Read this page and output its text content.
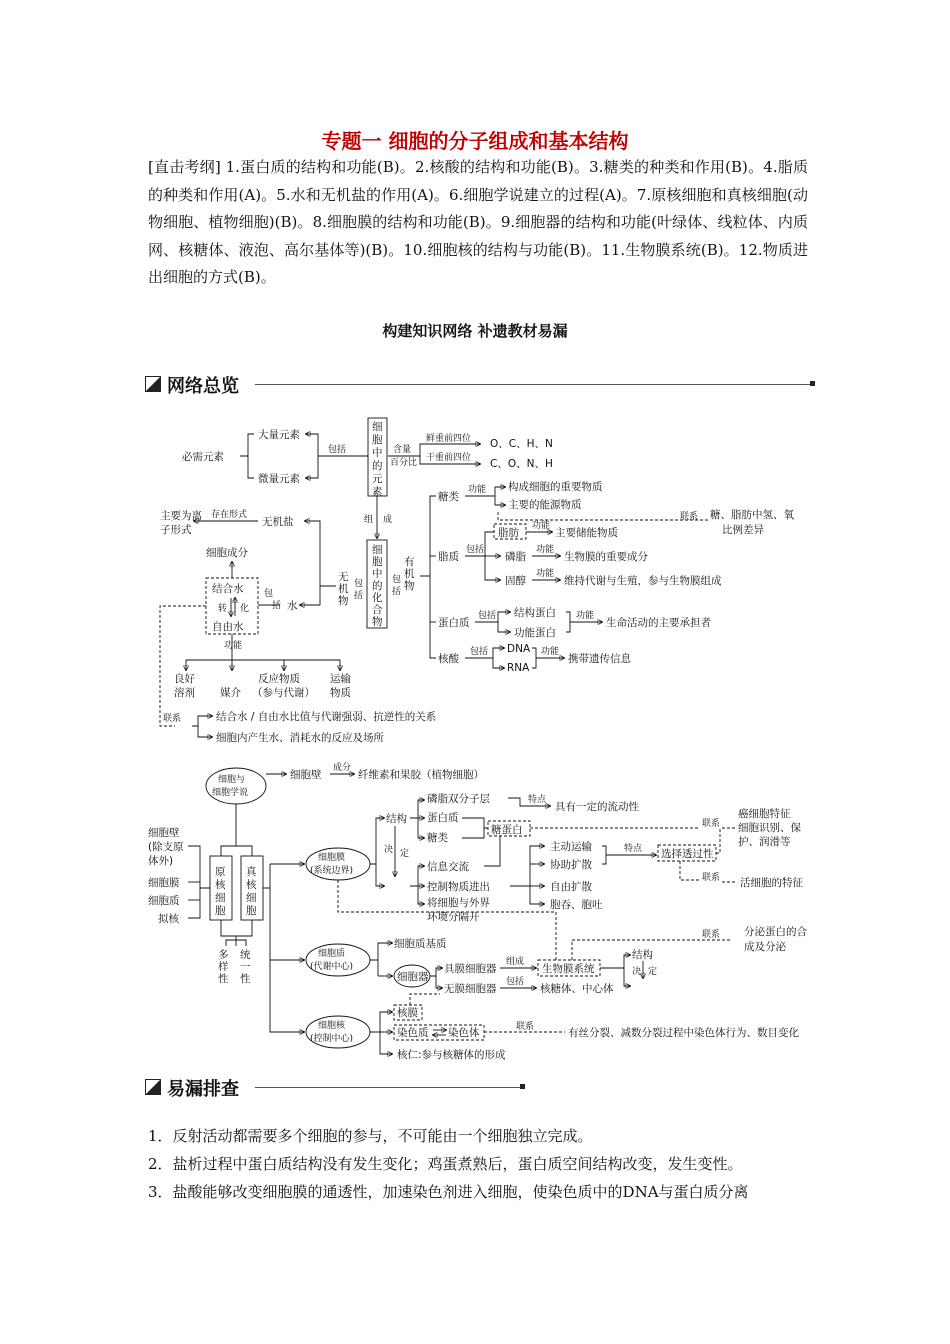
专题一 细胞的分子组成和基本结构
[直击考纲] 1.蛋白质的结构和功能(B)。2.核酸的结构和功能(B)。3.糖类的种类和作用(B)。4.脂质的种类和作用(A)。5.水和无机盐的作用(A)。6.细胞学说建立的过程(A)。7.原核细胞和真核细胞(动物细胞、植物细胞)(B)。8.细胞膜的结构和功能(B)。9.细胞器的结构和功能(叶绿体、线粒体、内质网、核糖体、液泡、高尔基体等)(B)。10.细胞核的结构与功能(B)。11.生物膜系统(B)。12.物质进出细胞的方式(B)。
构建知识网络 补遗教材易漏
网络总览
易漏排查
必需元素
大量元素
微量元素
包括
细
胞
中
的
元
素
含量
百分比
鲜重前四位
干重前四位
O、C、H、N
C、O、N、H
组 成
细
胞
中
的
化
合
物
无
机
物
包
括
有
机
物
包
括
糖类
脂质
蛋白质
核酸
功能 构成细胞的重要物质
主要的能源物质
联系 糖、脂肪中氢、氧
比例差异
包括
脂肪
功能
主要储能物质
磷脂
功能
生物膜的重要成分
固醇
功能
维持代谢与生殖，参与生物膜组成
包括 结构蛋白
功能蛋白
功能
生命活动的主要承担者
包括 DNA
RNA
功能
携带遗传信息
无机盐
存在形式
主要为离
子形式
水
包
括
细胞成分
结合水
转 化
自由水
功能
良好
溶剂 媒介
反应物质
（参与代谢）
运输
物质
联系	结合水 / 自由水比值与代谢强弱、抗逆性的关系
细胞内产生水、消耗水的反应及场所
细胞与
细胞学说
细胞壁
成分
纤维素和果胶（植物细胞）
原
核
细
胞
真
核
细
胞
细胞壁
(除支原
体外)
细胞膜
细胞质
拟核
多
样
性
统
一
性
细胞膜
(系统边界)
结构
决 定
磷脂双分子层
蛋白质
糖类
特点
具有一定的流动性
糖蛋白	联系
癌细胞特征
细胞识别、保
护、润滑等
信息交流
控制物质进出
将细胞与外界
环境分隔开
主动运输
协助扩散
自由扩散
胞吞、胞吐
特点 选择透过性
联系 活细胞的特征
细胞质
(代谢中心)
细胞质基质
细胞器
具膜细胞器
无膜细胞器
组成
包括
生物膜系统
核糖体、中心体
联系 分泌蛋白的合
成及分泌
结构
决 定
细胞核
(控制中心)
核膜
染色质 染色体	联系	有丝分裂、减数分裂过程中染色体行为、数目变化
核仁:参与核糖体的形成
1．反射活动都需要多个细胞的参与，不可能由一个细胞独立完成。
2．盐析过程中蛋白质结构没有发生变化；鸡蛋煮熟后，蛋白质空间结构改变，发生变性。
3．盐酸能够改变细胞膜的通透性，加速染色剂进入细胞，使染色质中的DNA与蛋白质分离
